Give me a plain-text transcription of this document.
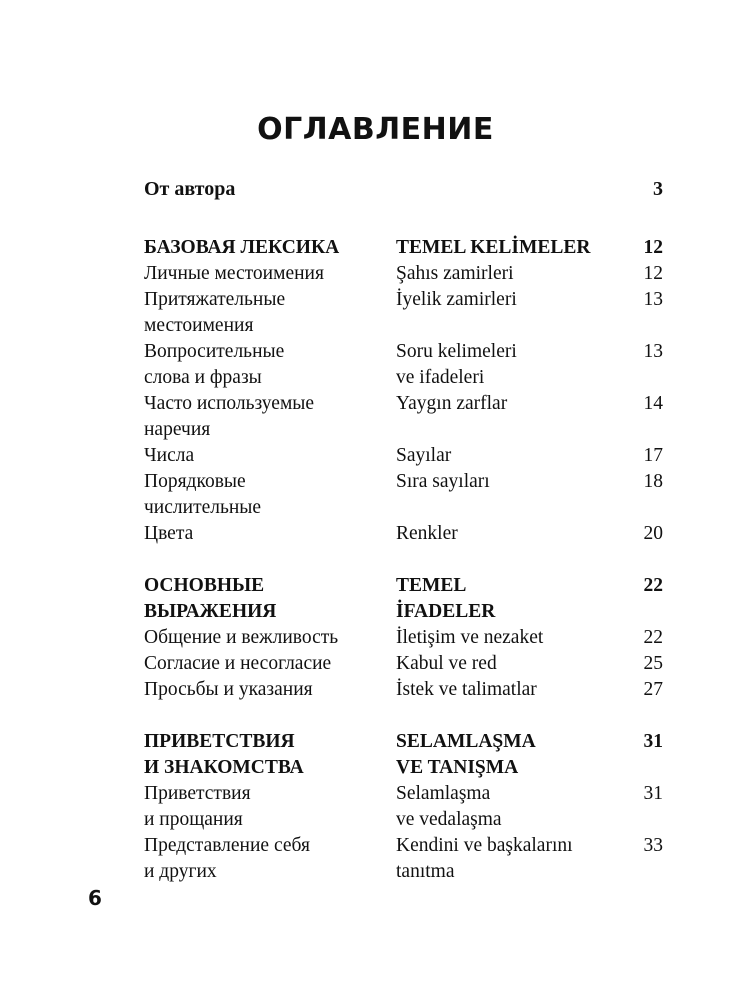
ОГЛАВЛЕНИЕ
От автора	3
БАЗОВАЯ ЛЕКСИКА	TEMEL KELİMELER	12
Личные местоимения	Şahıs zamirleri	12
Притяжательные	İyelik zamirleri	13
местоимения
Вопросительные	Soru kelimeleri	13
слова и фразы	ve ifadeleri
Часто используемые	Yaygın zarflar	14
наречия
Числа	Sayılar	17
Порядковые	Sıra sayıları	18
числительные
Цвета	Renkler	20
ОСНОВНЫЕ	TEMEL	22
ВЫРАЖЕНИЯ	İFADELER
Общение и вежливость	İletişim ve nezaket	22
Согласие и несогласие	Kabul ve red	25
Просьбы и указания	İstek ve talimatlar	27
ПРИВЕТСТВИЯ	SELAMLAŞMA	31
И ЗНАКОМСТВА	VE TANIŞMA
Приветствия	Selamlaşma	31
и прощания	ve vedalaşma
Представление себя	Kendini ve başkalarını	33
и других	tanıtma
6
